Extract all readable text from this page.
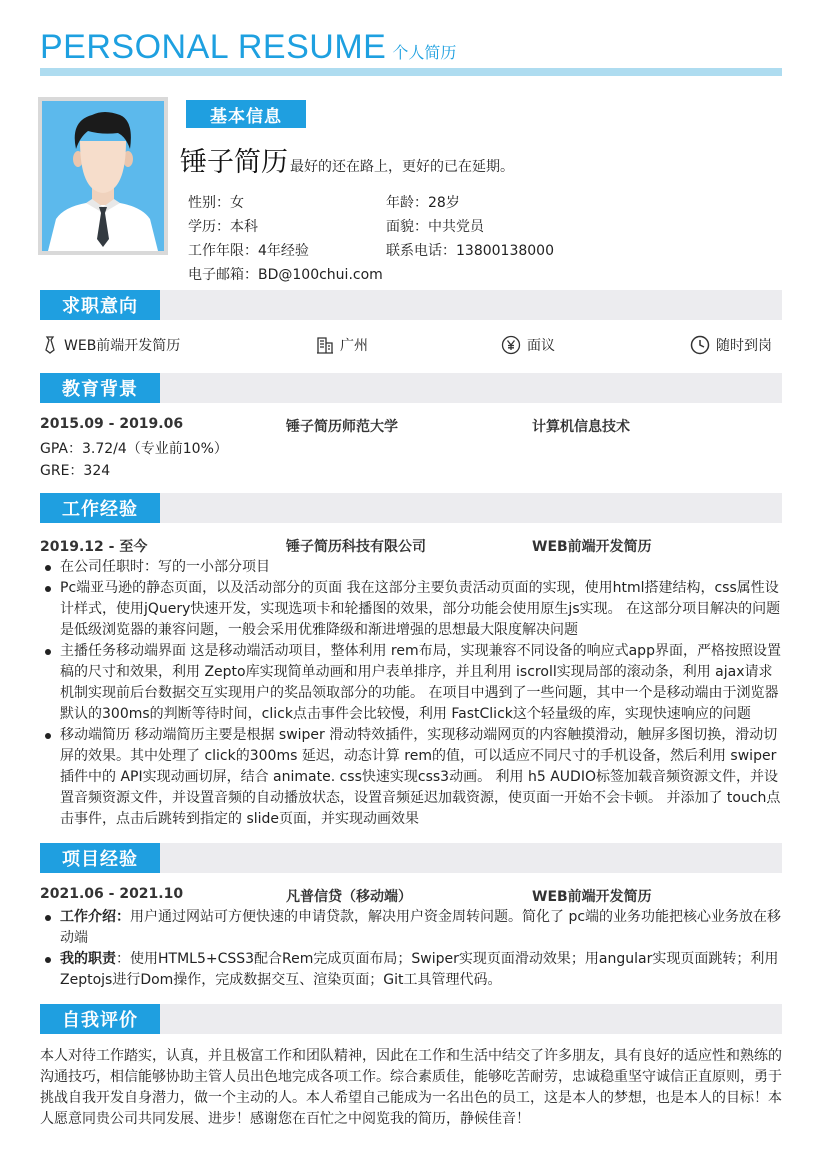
PERSONAL RESUME 个人简历
基本信息
锤子简历 最好的还在路上，更好的已在延期。
性别：女	年龄：28岁
学历：本科	面貌：中共党员
工作年限：4年经验	联系电话：13800138000
电子邮箱：BD@100chui.com
求职意向
WEB前端开发简历	广州	面议	随时到岗
教育背景
2015.09 - 2019.06	锤子简历师范大学	计算机信息技术
GPA：3.72/4（专业前10%）
GRE：324
工作经验
2019.12 - 至今	锤子简历科技有限公司	WEB前端开发简历
在公司任职时：写的一小部分项目
Pc端亚马逊的静态页面，以及活动部分的页面 我在这部分主要负责活动页面的实现，使用html搭建结构，css属性设计样式，使用jQuery快速开发，实现选项卡和轮播图的效果，部分功能会使用原生js实现。 在这部分项目解决的问题是低级浏览器的兼容问题，一般会采用优雅降级和渐进增强的思想最大限度解决问题
主播任务移动端界面 这是移动端活动项目，整体利用 rem布局，实现兼容不同设备的响应式app界面，严格按照设置稿的尺寸和效果，利用 Zepto库实现简单动画和用户表单排序，并且利用 iscroll实现局部的滚动条，利用 ajax请求机制实现前后台数据交互实现用户的奖品领取部分的功能。 在项目中遇到了一些问题，其中一个是移动端由于浏览器默认的300ms的判断等待时间，click点击事件会比较慢，利用 FastClick这个轻量级的库，实现快速响应的问题
移动端简历 移动端简历主要是根据 swiper 滑动特效插件，实现移动端网页的内容触摸滑动，触屏多图切换，滑动切屏的效果。其中处理了 click的300ms 延迟，动态计算 rem的值，可以适应不同尺寸的手机设备，然后利用 swiper插件中的 API实现动画切屏，结合 animate. css快速实现css3动画。 利用 h5 AUDIO标签加载音频资源文件，并设置音频资源文件，并设置音频的自动播放状态，设置音频延迟加载资源，使页面一开始不会卡顿。 并添加了 touch点击事件，点击后跳转到指定的 slide页面，并实现动画效果
项目经验
2021.06 - 2021.10	凡普信贷（移动端）	WEB前端开发简历
工作介绍：用户通过网站可方便快速的申请贷款，解决用户资金周转问题。简化了 pc端的业务功能把核心业务放在移动端
我的职责：使用HTML5+CSS3配合Rem完成页面布局；Swiper实现页面滑动效果；用angular实现页面跳转；利用Zeptojs进行Dom操作，完成数据交互、渲染页面；Git工具管理代码。
自我评价
本人对待工作踏实，认真，并且极富工作和团队精神，因此在工作和生活中结交了许多朋友，具有良好的适应性和熟练的沟通技巧，相信能够协助主管人员出色地完成各项工作。综合素质佳，能够吃苦耐劳，忠诚稳重坚守诚信正直原则，勇于挑战自我开发自身潜力，做一个主动的人。本人希望自己能成为一名出色的员工，这是本人的梦想，也是本人的目标！本人愿意同贵公司共同发展、进步！感谢您在百忙之中阅览我的简历，静候佳音！
